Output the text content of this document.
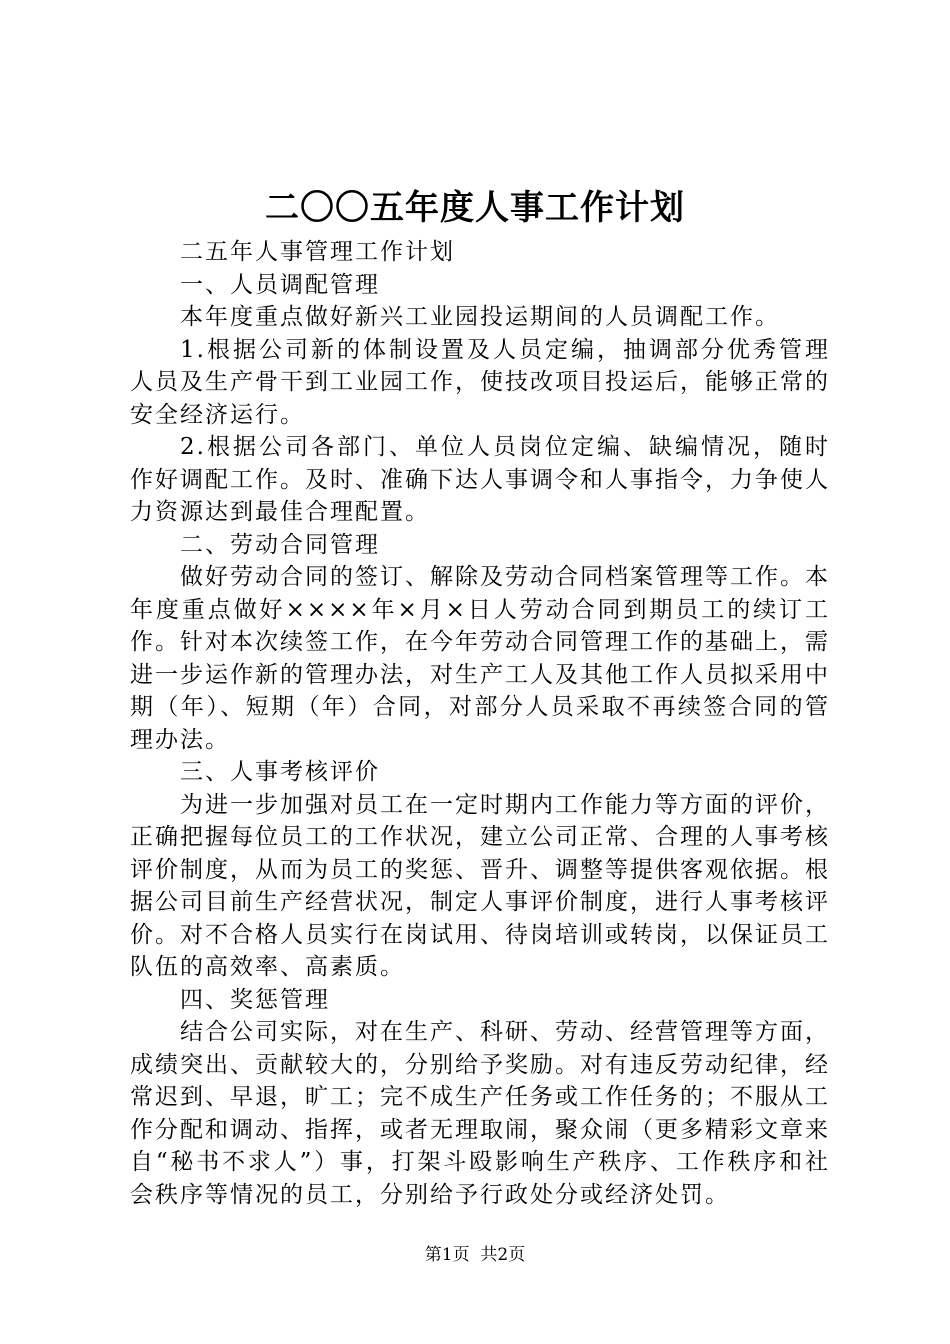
二〇〇五年度人事工作计划

二五年人事管理工作计划

一、人员调配管理

本年度重点做好新兴工业园投运期间的人员调配工作。

1.根据公司新的体制设置及人员定编，抽调部分优秀管理人员及生产骨干到工业园工作，使技改项目投运后，能够正常的安全经济运行。

2.根据公司各部门、单位人员岗位定编、缺编情况，随时作好调配工作。及时、准确下达人事调令和人事指令，力争使人力资源达到最佳合理配置。

二、劳动合同管理

做好劳动合同的签订、解除及劳动合同档案管理等工作。本年度重点做好××××年×月×日人劳动合同到期员工的续订工作。针对本次续签工作，在今年劳动合同管理工作的基础上，需进一步运作新的管理办法，对生产工人及其他工作人员拟采用中期（年）、短期（年）合同，对部分人员采取不再续签合同的管理办法。

三、人事考核评价

为进一步加强对员工在一定时期内工作能力等方面的评价，正确把握每位员工的工作状况，建立公司正常、合理的人事考核评价制度，从而为员工的奖惩、晋升、调整等提供客观依据。根据公司目前生产经营状况，制定人事评价制度，进行人事考核评价。对不合格人员实行在岗试用、待岗培训或转岗，以保证员工队伍的高效率、高素质。

四、奖惩管理

结合公司实际，对在生产、科研、劳动、经营管理等方面，成绩突出、贡献较大的，分别给予奖励。对有违反劳动纪律，经常迟到、早退，旷工；完不成生产任务或工作任务的；不服从工作分配和调动、指挥，或者无理取闹，聚众闹（更多精彩文章来自“秘书不求人”）事，打架斗殴影响生产秩序、工作秩序和社会秩序等情况的员工，分别给予行政处分或经济处罚。

第1页  共2页
